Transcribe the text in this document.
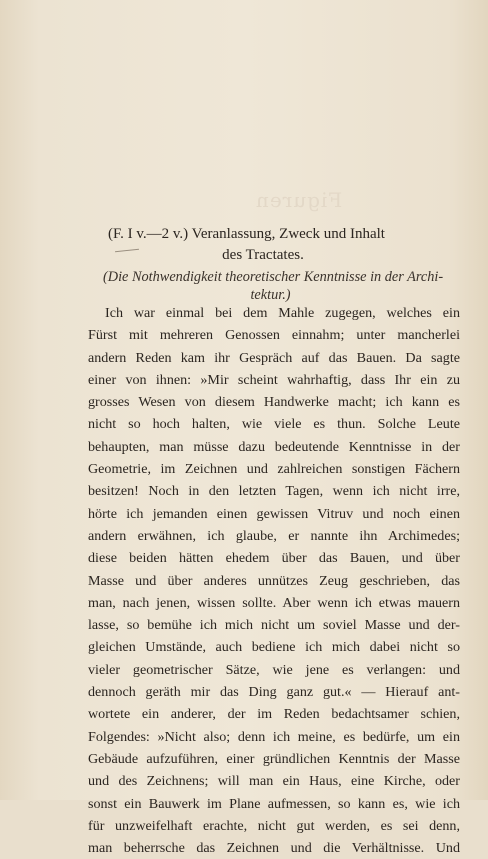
Figuren
(F. I v.—2 v.) Veranlassung, Zweck und Inhalt
des Tractates.
(Die Nothwendigkeit theoretischer Kenntnisse in der Archi-
tektur.)
Ich war einmal bei dem Mahle zugegen, welches ein
Fürst mit mehreren Genossen einnahm; unter mancherlei
andern Reden kam ihr Gespräch auf das Bauen. Da sagte
einer von ihnen: »Mir scheint wahrhaftig, dass Ihr ein zu
grosses Wesen von diesem Handwerke macht; ich kann es
nicht so hoch halten, wie viele es thun. Solche Leute
behaupten, man müsse dazu bedeutende Kenntnisse in der
Geometrie, im Zeichnen und zahlreichen sonstigen Fächern
besitzen! Noch in den letzten Tagen, wenn ich nicht irre,
hörte ich jemanden einen gewissen Vitruv und noch einen
andern erwähnen, ich glaube, er nannte ihn Archimedes;
diese beiden hätten ehedem über das Bauen, und über
Masse und über anderes unnützes Zeug geschrieben, das
man, nach jenen, wissen sollte. Aber wenn ich etwas mauern
lasse, so bemühe ich mich nicht um soviel Masse und der-
gleichen Umstände, auch bediene ich mich dabei nicht so
vieler geometrischer Sätze, wie jene es verlangen: und
dennoch geräth mir das Ding ganz gut.« — Hierauf ant-
wortete ein anderer, der im Reden bedachtsamer schien,
Folgendes: »Nicht also; denn ich meine, es bedürfe, um ein
Gebäude aufzuführen, einer gründlichen Kenntnis der Masse
und des Zeichnens; will man ein Haus, eine Kirche, oder
sonst ein Bauwerk im Plane aufmessen, so kann es, wie ich
für unzweifelhaft erachte, nicht gut werden, es sei denn,
man beherrsche das Zeichnen und die Verhältnisse. Und
